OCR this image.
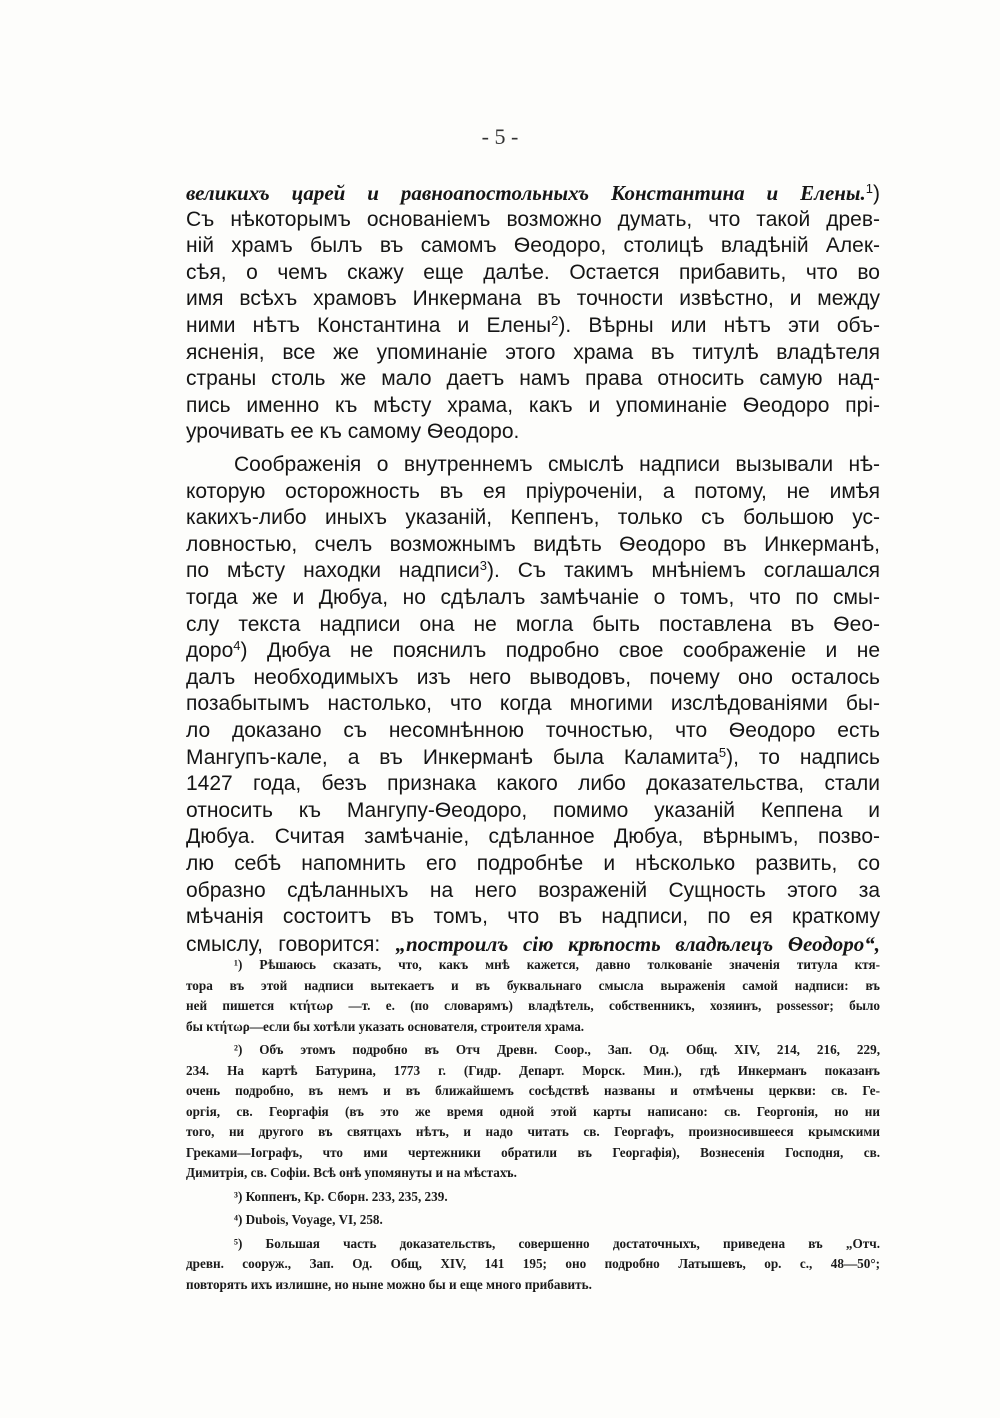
- 5 -
великихъ царей и равноапостольныхъ Константина и Елены.$^1$)
Съ нѣкоторымъ основаніемъ возможно думать, что такой древ-
ній храмъ былъ въ самомъ Ѳеодоро, столицѣ владѣній Алек-
сѣя, о чемъ скажу еще далѣе. Остается прибавить, что во
имя всѣхъ храмовъ Инкермана въ точности извѣстно, и между
ними нѣтъ Константина и Елены$^2$). Вѣрны или нѣтъ эти объ-
ясненія, все же упоминаніе этого храма въ титулѣ владѣтеля
страны столь же мало даетъ намъ права относить самую над-
пись именно къ мѣсту храма, какъ и упоминаніе Ѳеодоро прі-
урочивать ее къ самому Ѳеодоро.
Соображенія о внутреннемъ смыслѣ надписи вызывали нѣ-
которую осторожность въ ея пріуроченіи, а потому, не имѣя
какихъ-либо иныхъ указаній, Кеппенъ, только съ большою ус-
ловностью, счелъ возможнымъ видѣть Ѳеодоро въ Инкерманѣ,
по мѣсту находки надписи$^3$). Съ такимъ мнѣніемъ соглашался
тогда же и Дюбуа, но сдѣлалъ замѣчаніе о томъ, что по смы-
слу текста надписи она не могла быть поставлена въ Ѳео-
доро$^4$) Дюбуа не пояснилъ подробно свое соображеніе и не
далъ необходимыхъ изъ него выводовъ, почему оно осталось
позабытымъ настолько, что когда многими изслѣдованіями бы-
ло доказано съ несомнѣнною точностью, что Ѳеодоро есть
Мангупъ-кале, а въ Инкерманѣ была Каламита$^5$), то надпись
1427 года, безъ признака какого либо доказательства, стали
относить къ Мангупу-Ѳеодоро, помимо указаній Кеппена и
Дюбуа. Считая замѣчаніе, сдѣланное Дюбуа, вѣрнымъ, позво-
лю себѣ напомнить его подробнѣе и нѣсколько развить, со
образно сдѣланныхъ на него возраженій Сущность этого за
мѣчанія состоитъ въ томъ, что въ надписи, по ея краткому
смыслу, говорится: „построилъ сію крѣпость владѣлецъ Ѳеодоро“,
¹) Рѣшаюсь сказать, что, какъ мнѣ кажется, давно толкованіе значенія титула ктя-
тора въ этой надписи вытекаетъ и въ буквальнаго смысла выраженія самой надписи: въ
ней пишется κτήτωρ —т. е. (по словарямъ) владѣтель, собственникъ, хозяинъ, possessor; было
бы κτήτωρ—если бы хотѣли указать основателя, строителя храма.
²) Объ этомъ подробно въ Отч Древн. Соор., Зап. Од. Общ. XIV, 214, 216, 229,
234. На картѣ Батурина, 1773 г. (Гидр. Департ. Морск. Мин.), гдѣ Инкерманъ показанъ
очень подробно, въ немъ и въ ближайшемъ сосѣдствѣ названы и отмѣчены церкви: св. Ге-
оргія, св. Георгафія (въ это же время одной этой карты написано: св. Георгонія, но ни
того, ни другого въ святцахъ нѣтъ, и надо читать св. Георгафъ, произносившееся крымскими
Греками—Іографъ, что ими чертежники обратили въ Георгафія), Вознесенія Господня, св.
Димитрія, св. Софіи. Всѣ онѣ упомянуты и на мѣстахъ.
³) Коппенъ, Кр. Сборн. 233, 235, 239.
⁴) Dubois, Voyage, VI, 258.
⁵) Большая часть доказательствъ, совершенно достаточныхъ, приведена въ „Отч.
древн. сооруж., Зап. Од. Общ, XIV, 141 195; оно подробно Латышевъ, ор. с., 48—50°;
повторять ихъ излишне, но ныне можно бы и еще много прибавить.
